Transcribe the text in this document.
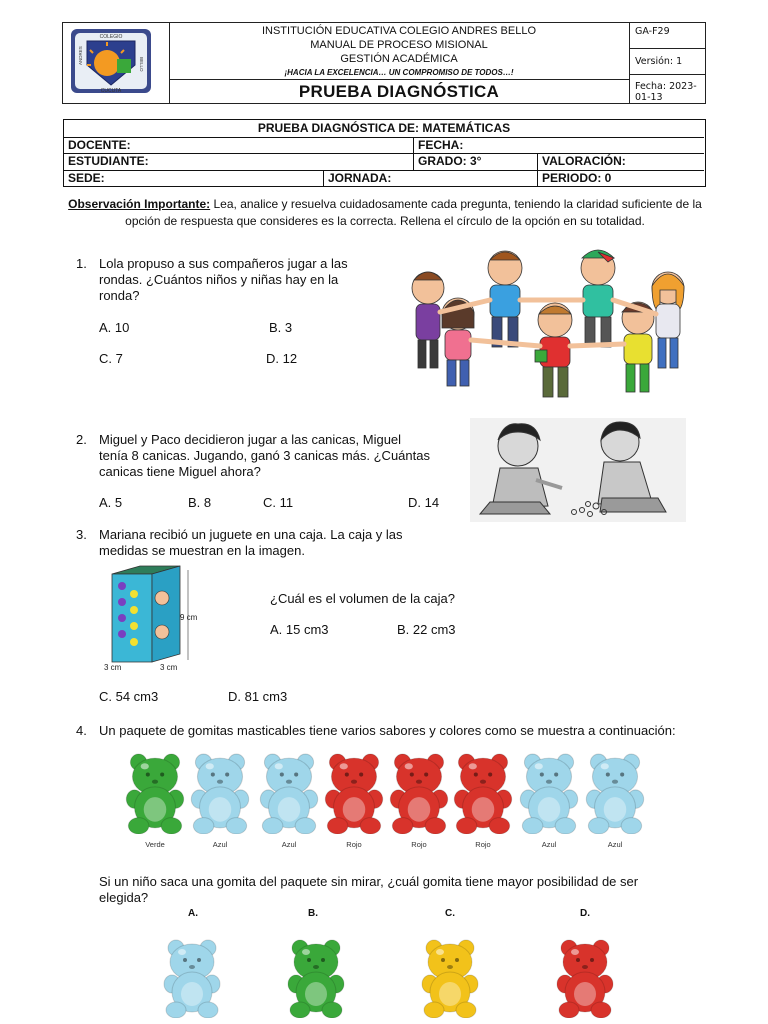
COLEGIO
CUCUTA
ANDRES	BELLO
INSTITUCIÓN EDUCATIVA COLEGIO ANDRES BELLO
MANUAL DE PROCESO MISIONAL
GESTIÓN ACADÉMICA
¡HACIA LA EXCELENCIA… UN COMPROMISO DE TODOS…!
PRUEBA DIAGNÓSTICA
GA-F29
Versión: 1
Fecha: 2023-01-13
PRUEBA DIAGNÓSTICA DE: MATEMÁTICAS
DOCENTE:	FECHA:
ESTUDIANTE:	GRADO: 3°	VALORACIÓN:
SEDE:	JORNADA:	PERIODO: 0
Observación Importante: Lea, analice y resuelva cuidadosamente cada pregunta, teniendo la claridad suficiente de la opción de respuesta que consideres es la correcta. Rellena el círculo de la opción en su totalidad.
1. Lola propuso a sus compañeros jugar a las
rondas. ¿Cuántos niños y niñas hay en la
ronda?
A. 10	B. 3
C. 7	D. 12
2. Miguel y Paco decidieron jugar a las canicas, Miguel
tenía 8 canicas. Jugando, ganó 3 canicas más. ¿Cuántas
canicas tiene Miguel ahora?
A. 5	B. 8	C. 11	D. 14
3. Mariana recibió un juguete en una caja. La caja y las
medidas se muestran en la imagen.
9 cm
3 cm	3 cm
¿Cuál es el volumen de la caja?
A. 15 cm3	B. 22 cm3
C. 54 cm3	D. 81 cm3
4. Un paquete de gomitas masticables tiene varios sabores y colores como se muestra a continuación:
Verde	Azul	Azul	Rojo	Rojo	Rojo	Azul	Azul
Si un niño saca una gomita del paquete sin mirar, ¿cuál gomita tiene mayor posibilidad de ser
elegida?
A.	B.	C.	D.
